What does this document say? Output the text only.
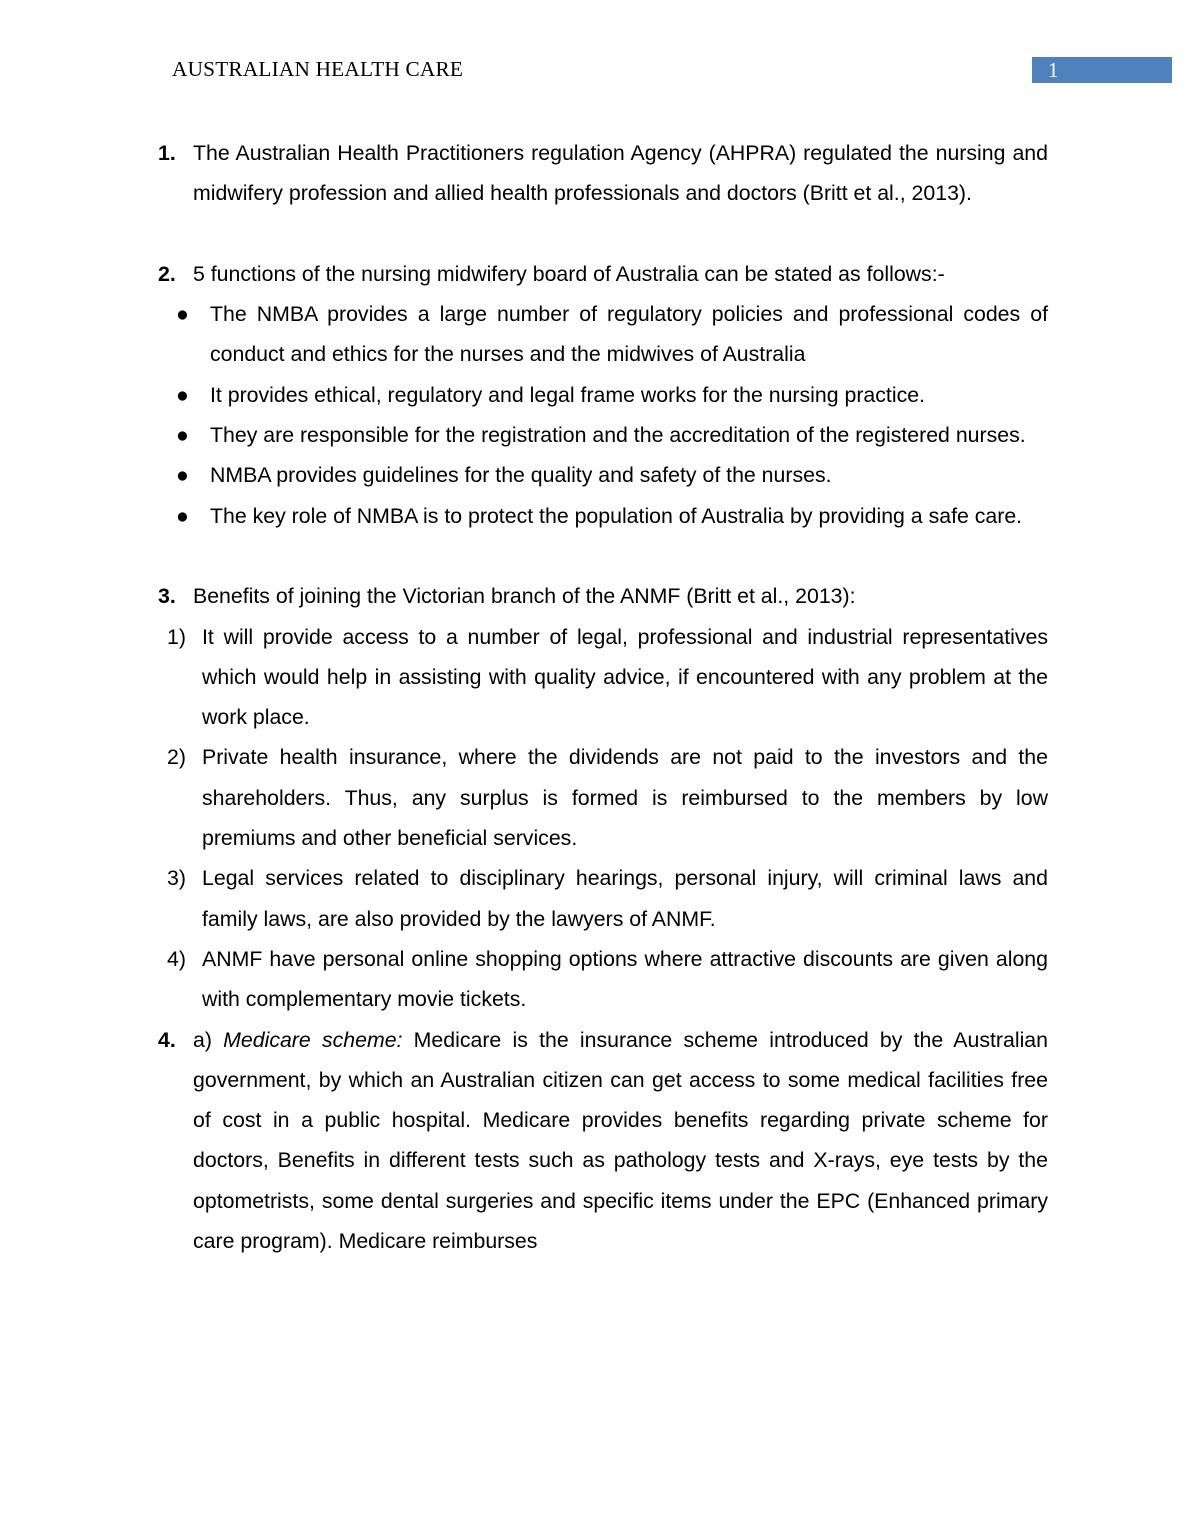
AUSTRALIAN HEALTH CARE	1
1. The Australian Health Practitioners regulation Agency (AHPRA) regulated the nursing and midwifery profession and allied health professionals and doctors (Britt et al., 2013).

2. 5 functions of the nursing midwifery board of Australia can be stated as follows:-

● The NMBA provides a large number of regulatory policies and professional codes of conduct and ethics for the nurses and the midwives of Australia

● It provides ethical, regulatory and legal frame works for the nursing practice.

● They are responsible for the registration and the accreditation of the registered nurses.

● NMBA provides guidelines for the quality and safety of the nurses.

● The key role of NMBA is to protect the population of Australia by providing a safe care.

3. Benefits of joining the Victorian branch of the ANMF (Britt et al., 2013):

1) It will provide access to a number of legal, professional and industrial representatives which would help in assisting with quality advice, if encountered with any problem at the work place.

2) Private health insurance, where the dividends are not paid to the investors and the shareholders. Thus, any surplus is formed is reimbursed to the members by low premiums and other beneficial services.

3) Legal services related to disciplinary hearings, personal injury, will criminal laws and family laws, are also provided by the lawyers of ANMF.

4) ANMF have personal online shopping options where attractive discounts are given along with complementary movie tickets.

4. a) Medicare scheme: Medicare is the insurance scheme introduced by the Australian government, by which an Australian citizen can get access to some medical facilities free of cost in a public hospital. Medicare provides benefits regarding private scheme for doctors, Benefits in different tests such as pathology tests and X-rays, eye tests by the optometrists, some dental surgeries and specific items under the EPC (Enhanced primary care program). Medicare reimburses
